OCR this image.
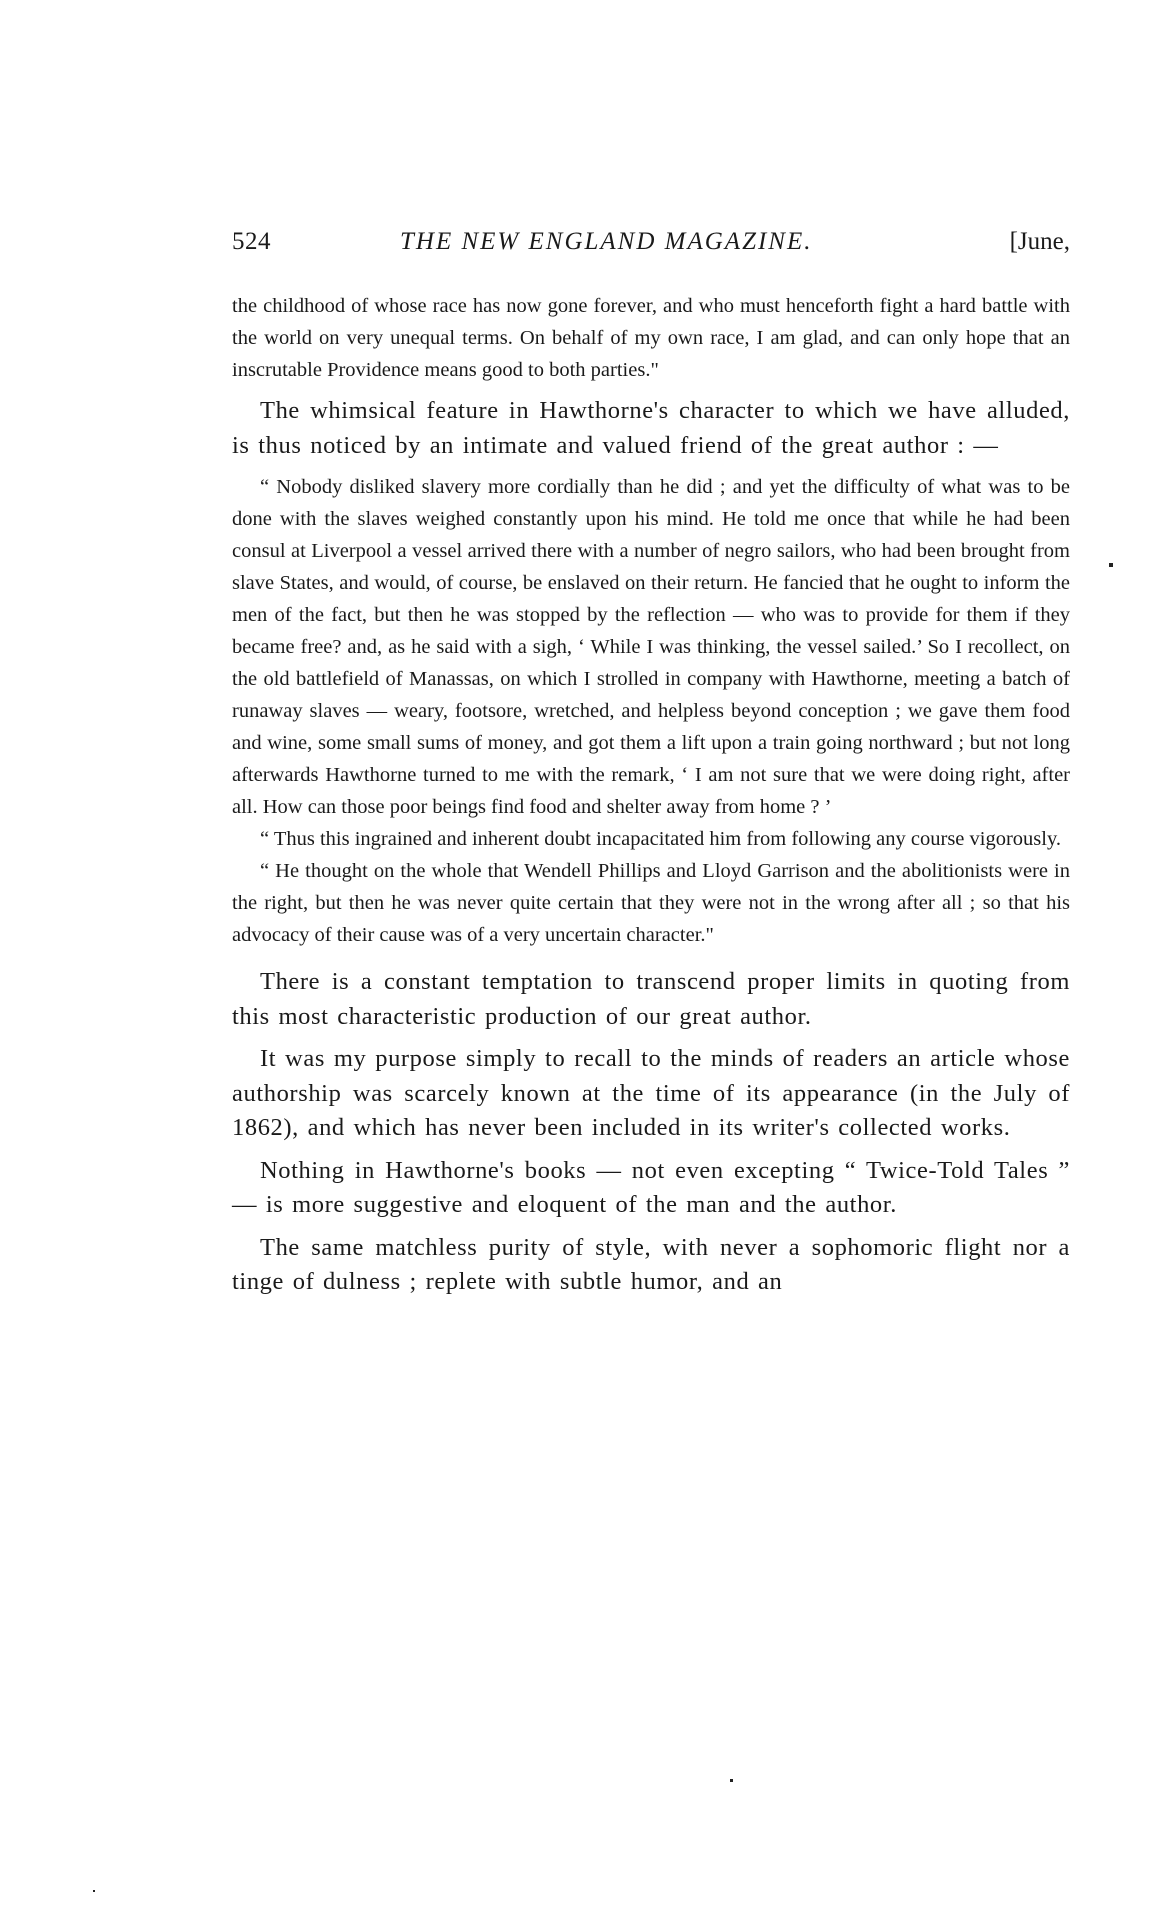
524	THE NEW ENGLAND MAGAZINE.	[June,

the childhood of whose race has now gone forever, and who must henceforth fight a hard battle with the world on very unequal terms. On behalf of my own race, I am glad, and can only hope that an inscrutable Providence means good to both parties."

The whimsical feature in Hawthorne's character to which we have alluded, is thus noticed by an intimate and valued friend of the great author : —

“ Nobody disliked slavery more cordially than he did ; and yet the difficulty of what was to be done with the slaves weighed constantly upon his mind. He told me once that while he had been consul at Liverpool a vessel arrived there with a number of negro sailors, who had been brought from slave States, and would, of course, be enslaved on their return. He fancied that he ought to inform the men of the fact, but then he was stopped by the reflection — who was to provide for them if they became free? and, as he said with a sigh, ‘ While I was thinking, the vessel sailed.’ So I recollect, on the old battlefield of Manassas, on which I strolled in company with Hawthorne, meeting a batch of runaway slaves — weary, footsore, wretched, and helpless beyond conception ; we gave them food and wine, some small sums of money, and got them a lift upon a train going northward ; but not long afterwards Hawthorne turned to me with the remark, ‘ I am not sure that we were doing right, after all. How can those poor beings find food and shelter away from home ? ’

“ Thus this ingrained and inherent doubt incapacitated him from following any course vigorously.

“ He thought on the whole that Wendell Phillips and Lloyd Garrison and the abolitionists were in the right, but then he was never quite certain that they were not in the wrong after all ; so that his advocacy of their cause was of a very uncertain character."

There is a constant temptation to transcend proper limits in quoting from this most characteristic production of our great author.

It was my purpose simply to recall to the minds of readers an article whose authorship was scarcely known at the time of its appearance (in the July of 1862), and which has never been included in its writer's collected works.

Nothing in Hawthorne's books — not even excepting “ Twice-Told Tales ” — is more suggestive and eloquent of the man and the author.

The same matchless purity of style, with never a sophomoric flight nor a tinge of dulness ; replete with subtle humor, and an
